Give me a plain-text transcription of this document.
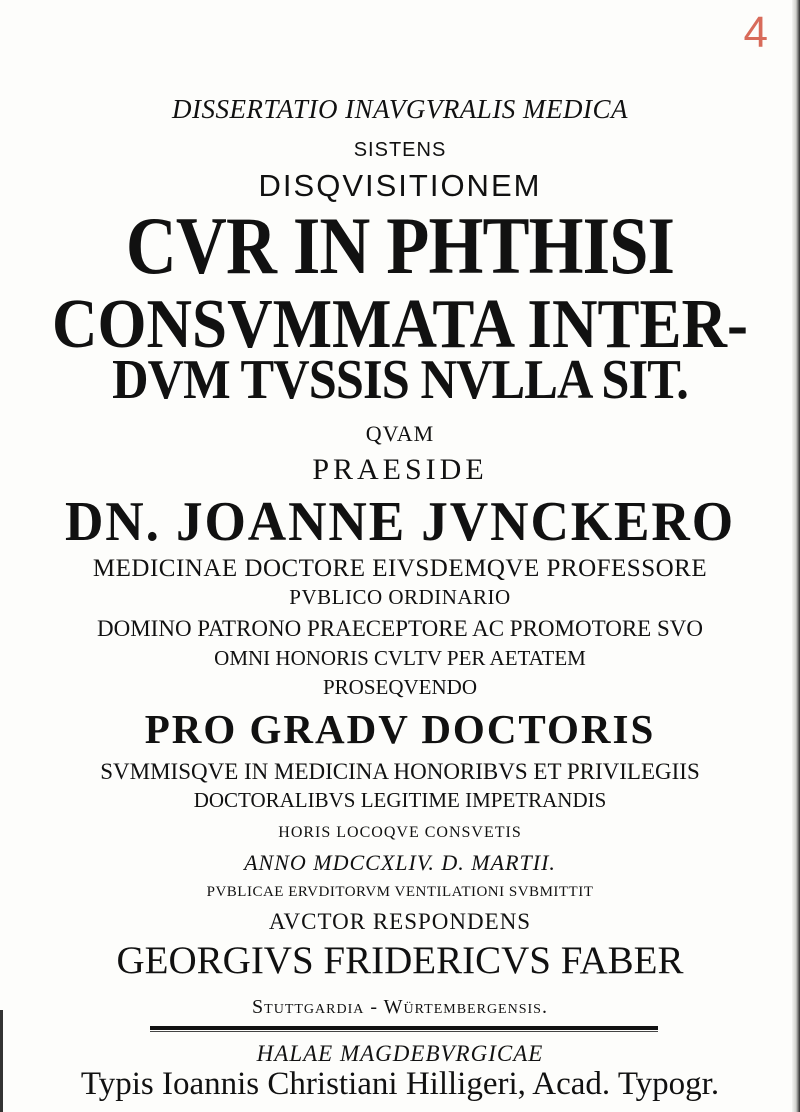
4
DISSERTATIO INAVGVRALIS MEDICA
SISTENS
DISQVISITIONEM
CVR IN PHTHISI
CONSVMMATA INTER-
DVM TVSSIS NVLLA SIT.
QVAM
PRAESIDE
DN. JOANNE JVNCKERO
MEDICINAE DOCTORE EIVSDEMQVE PROFESSORE
PVBLICO ORDINARIO
DOMINO PATRONO PRAECEPTORE AC PROMOTORE SVO
OMNI HONORIS CVLTV PER AETATEM
PROSEQVENDO
PRO GRADV DOCTORIS
SVMMISQVE IN MEDICINA HONORIBVS ET PRIVILEGIIS
DOCTORALIBVS LEGITIME IMPETRANDIS
HORIS LOCOQVE CONSVETIS
ANNO MDCCXLIV. D. MARTII.
PVBLICAE ERVDITORVM VENTILATIONI SVBMITTIT
AVCTOR RESPONDENS
GEORGIVS FRIDERICVS FABER
Stuttgardia - Würtembergensis.
HALAE MAGDEBVRGICAE
Typis Ioannis Christiani Hilligeri, Acad. Typogr.
